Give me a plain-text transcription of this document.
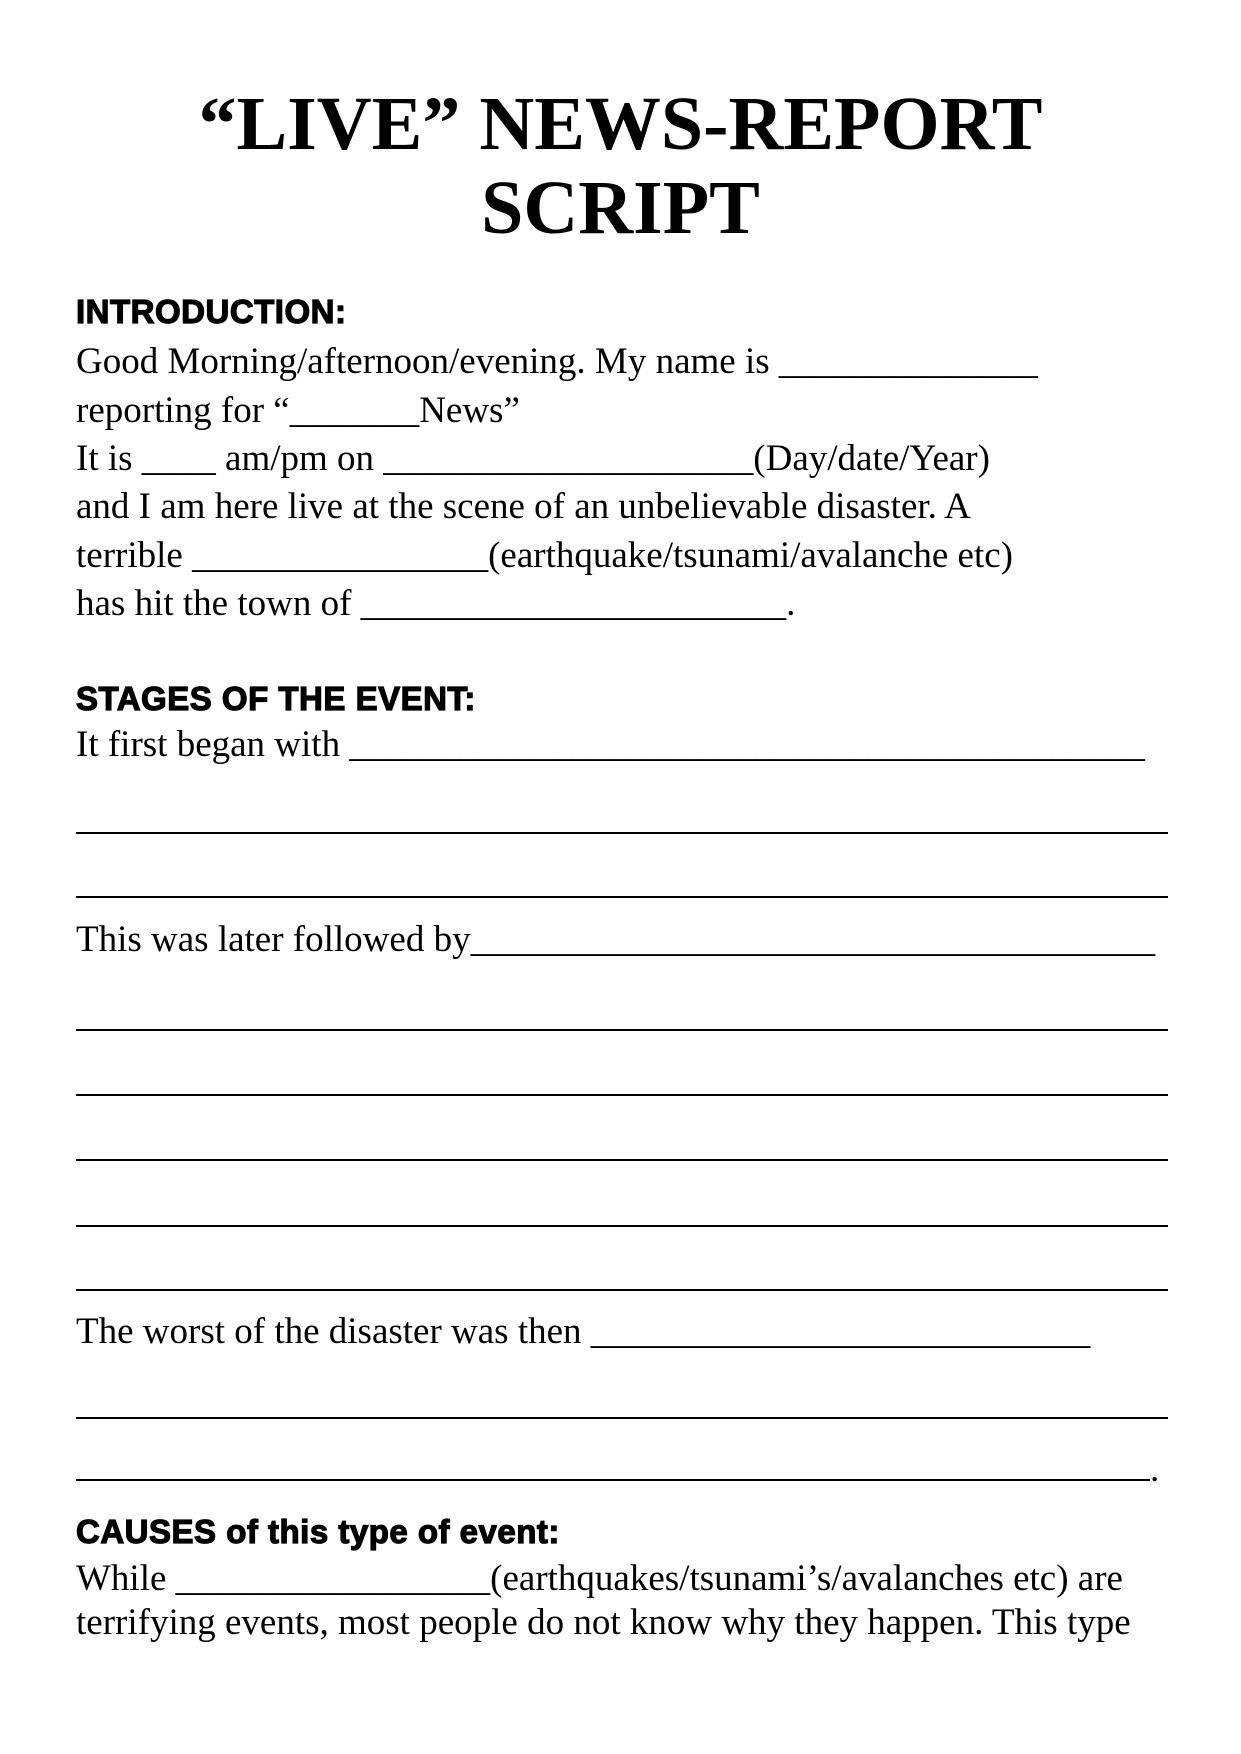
“LIVE” NEWS-REPORT
SCRIPT
INTRODUCTION:
Good Morning/afternoon/evening. My name is ______________
reporting for “_______News”
It is ____ am/pm on ____________________(Day/date/Year)
and I am here live at the scene of an unbelievable disaster. A
terrible ________________(earthquake/tsunami/avalanche etc)
has hit the town of _______________________.
STAGES OF THE EVENT:
It first began with ___________________________________________
This was later followed by_____________________________________
The worst of the disaster was then ___________________________
.
CAUSES of this type of event:
While _________________(earthquakes/tsunami’s/avalanches etc) are
terrifying events, most people do not know why they happen. This type
